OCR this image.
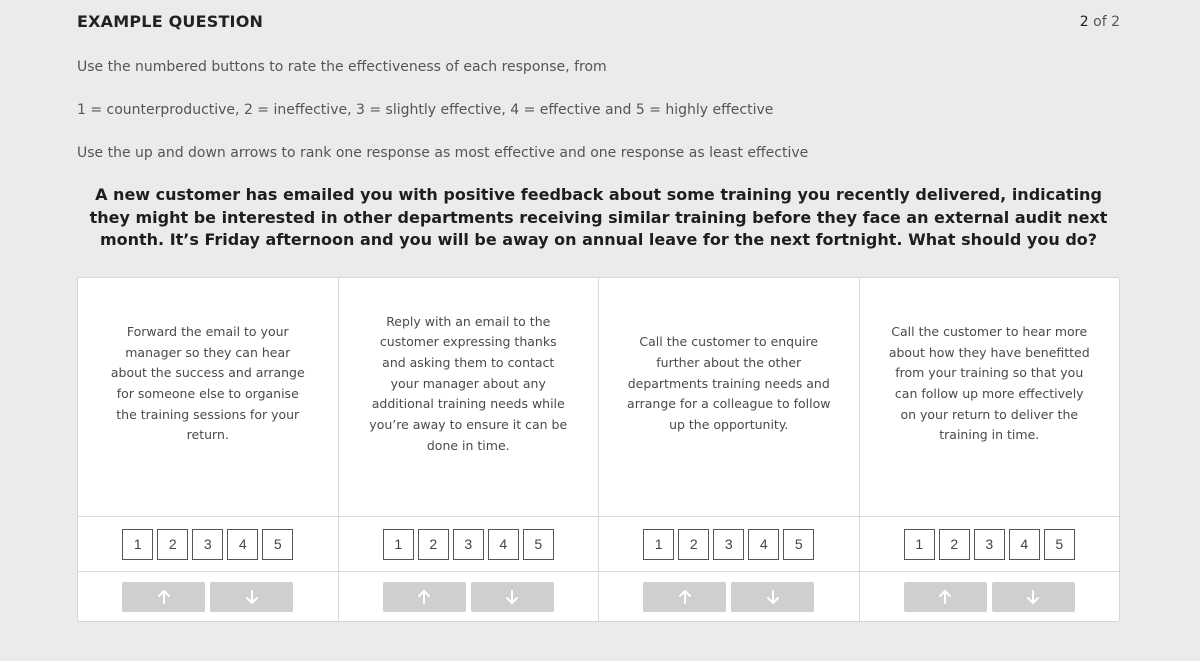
EXAMPLE QUESTION	2 of 2
Use the numbered buttons to rate the effectiveness of each response, from
1 = counterproductive, 2 = ineffective, 3 = slightly effective, 4 = effective and 5 = highly effective
Use the up and down arrows to rank one response as most effective and one response as least effective
A new customer has emailed you with positive feedback about some training you recently delivered, indicating they might be interested in other departments receiving similar training before they face an external audit next month. It’s Friday afternoon and you will be away on annual leave for the next fortnight. What should you do?
Forward the email to your manager so they can hear about the success and arrange for someone else to organise the training sessions for your return.
1	2	3	4	5
Reply with an email to the customer expressing thanks and asking them to contact your manager about any additional training needs while you’re away to ensure it can be done in time.
1	2	3	4	5
Call the customer to enquire further about the other departments training needs and arrange for a colleague to follow up the opportunity.
1	2	3	4	5
Call the customer to hear more about how they have benefitted from your training so that you can follow up more effectively on your return to deliver the training in time.
1	2	3	4	5
